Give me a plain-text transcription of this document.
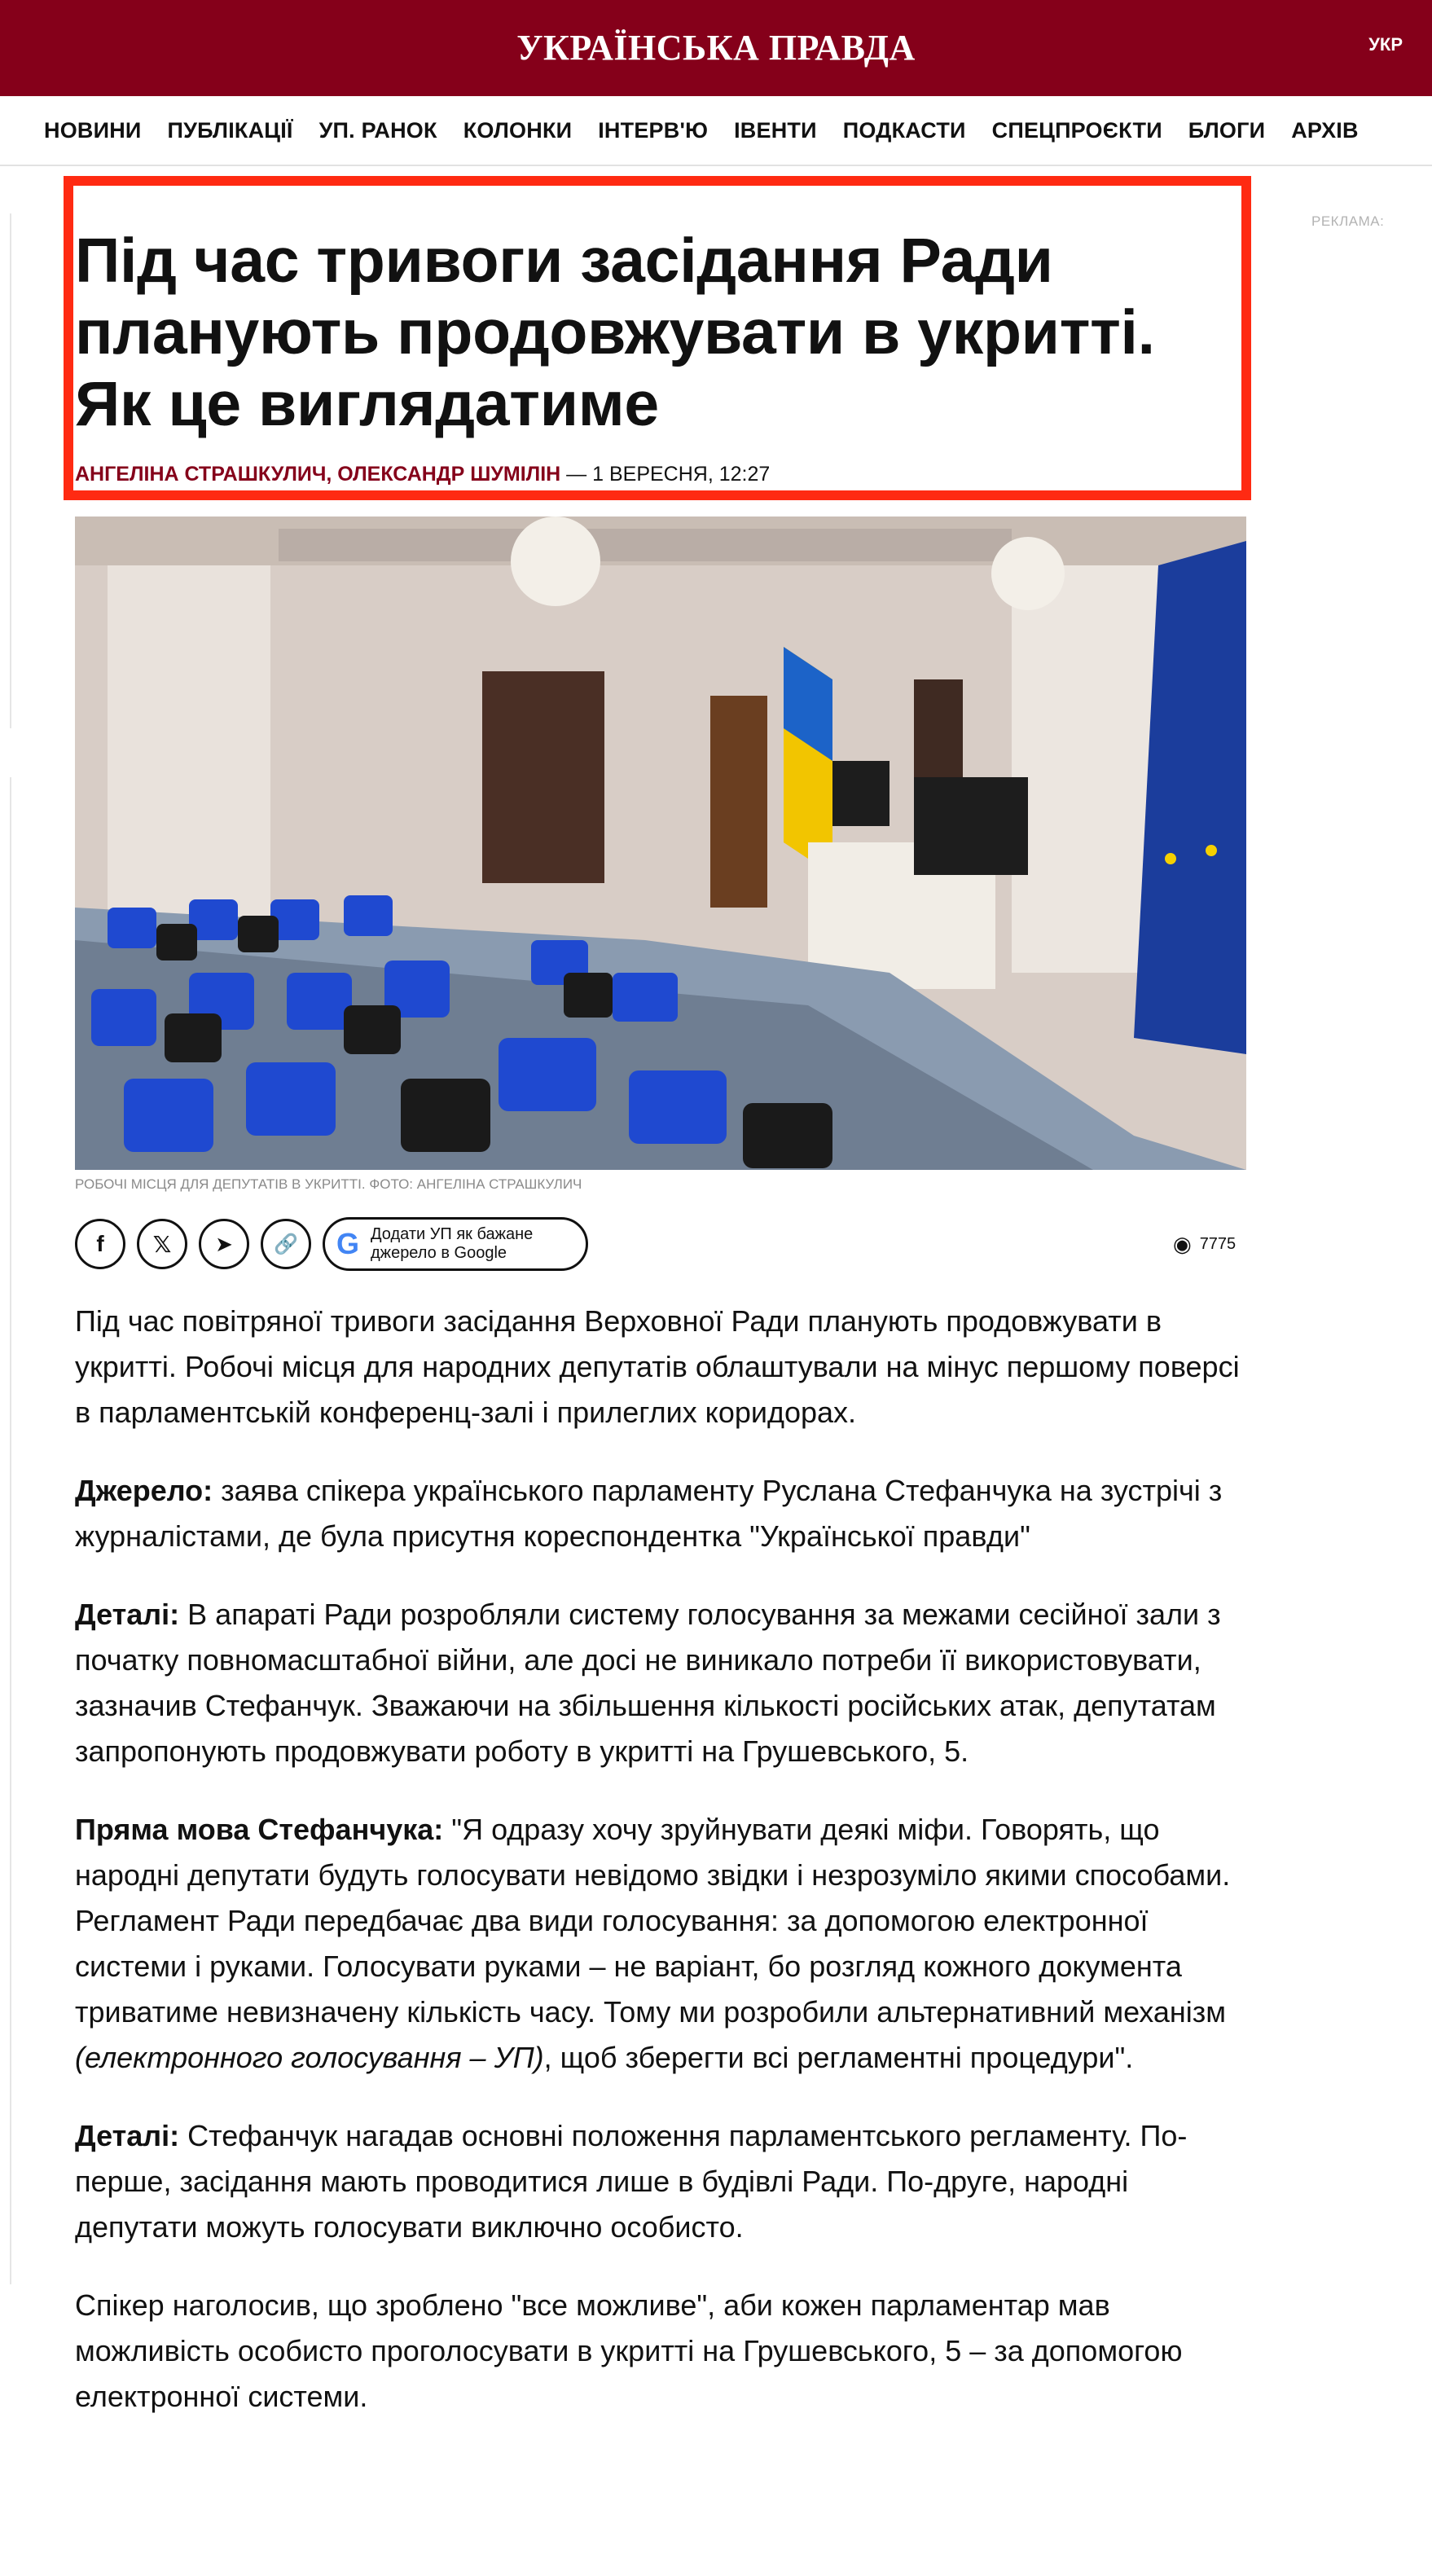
УКРАЇНСЬКА ПРАВДА	УКР
НОВИНИ ПУБЛІКАЦІЇ УП. РАНОК КОЛОНКИ ІНТЕРВ'Ю ІВЕНТИ ПОДКАСТИ СПЕЦПРОЄКТИ БЛОГИ АРХІВ
РЕКЛАМА:
Під час тривоги засідання Ради планують продовжувати в укритті. Як це виглядатиме
АНГЕЛІНА СТРАШКУЛИЧ, ОЛЕКСАНДР ШУМІЛІН — 1 ВЕРЕСНЯ, 12:27
РОБОЧІ МІСЦЯ ДЛЯ ДЕПУТАТІВ В УКРИТТІ. ФОТО: АНГЕЛІНА СТРАШКУЛИЧ
f 𝕏 ➤ 🔗 G Додати УП як бажане джерело в Google	◉ 7775

Під час повітряної тривоги засідання Верховної Ради планують продовжувати в укритті. Робочі місця для народних депутатів облаштували на мінус першому поверсі в парламентській конференц-залі і прилеглих коридорах.

Джерело: заява спікера українського парламенту Руслана Стефанчука на зустрічі з журналістами, де була присутня кореспондентка "Української правди"

Деталі: В апараті Ради розробляли систему голосування за межами сесійної зали з початку повномасштабної війни, але досі не виникало потреби її використовувати, зазначив Стефанчук. Зважаючи на збільшення кількості російських атак, депутатам запропонують продовжувати роботу в укритті на Грушевського, 5.

Пряма мова Стефанчука: "Я одразу хочу зруйнувати деякі міфи. Говорять, що народні депутати будуть голосувати невідомо звідки і незрозуміло якими способами. Регламент Ради передбачає два види голосування: за допомогою електронної системи і руками. Голосувати руками – не варіант, бо розгляд кожного документа триватиме невизначену кількість часу. Тому ми розробили альтернативний механізм (електронного голосування – УП), щоб зберегти всі регламентні процедури".

Деталі: Стефанчук нагадав основні положення парламентського регламенту. По-перше, засідання мають проводитися лише в будівлі Ради. По-друге, народні депутати можуть голосувати виключно особисто.

Спікер наголосив, що зроблено "все можливе", аби кожен парламентар мав можливість особисто проголосувати в укритті на Грушевського, 5 – за допомогою електронної системи.
